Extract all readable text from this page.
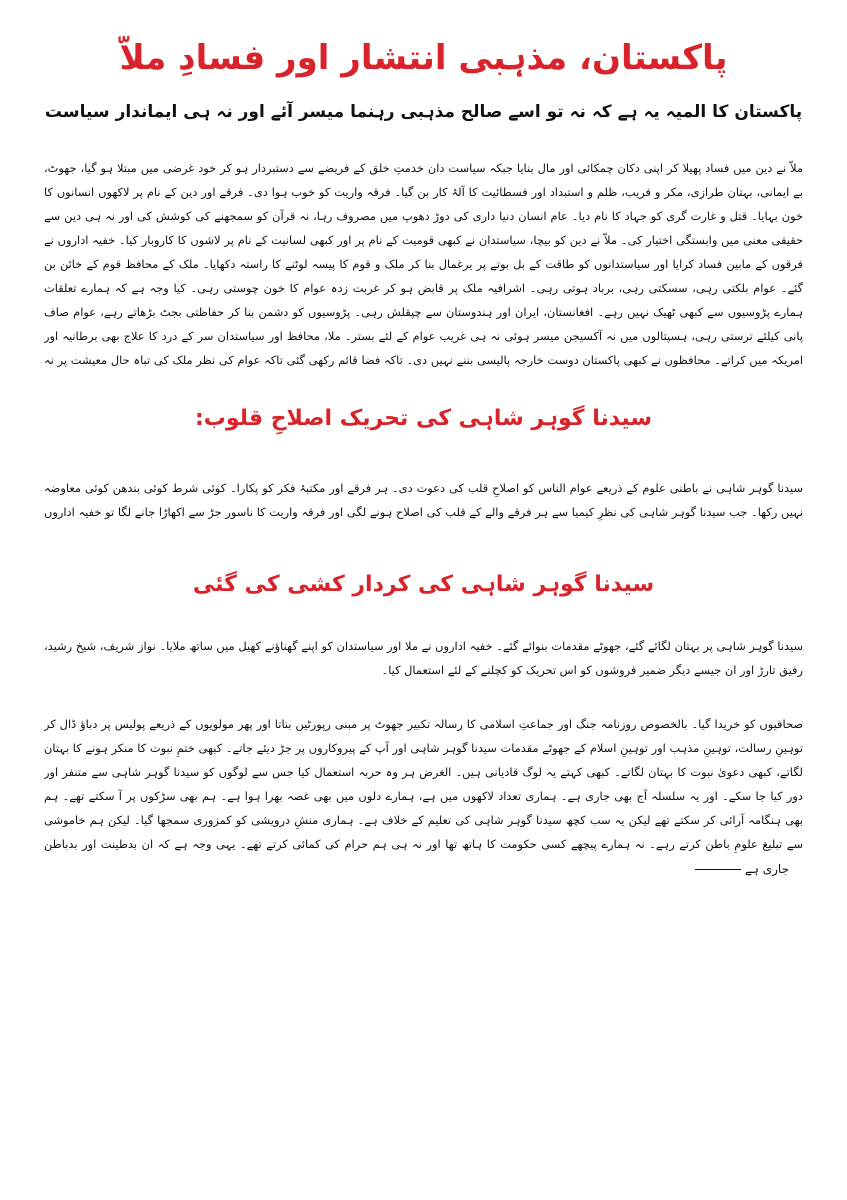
پاکستان، مذہبی انتشار اور فسادِ ملاّ

پاکستان کا المیہ یہ ہے کہ نہ تو اسے صالح مذہبی رہنما میسر آئے اور نہ ہی ایماندار سیاست

ملاّ نے دین میں فساد پھیلا کر اپنی دکان چمکائی اور مال بنایا جبکہ سیاست دان خدمتِ خلق کے فریضے سے دستبردار ہو کر خود غرضی میں مبتلا ہو گیا، جھوٹ، بے ایمانی، بہتان طرازی، مکر و فریب، ظلم و استبداد اور فسطائیت کا آلۂ کار بن گیا۔ فرقہ واریت کو خوب ہوا دی۔ فرقے اور دین کے نام پر لاکھوں انسانوں کا خون بہایا۔ قتل و غارت گری کو جہاد کا نام دیا۔ عام انسان دنیا داری کی دوڑ دھوپ میں مصروف رہا، نہ قرآن کو سمجھنے کی کوشش کی اور نہ ہی دین سے حقیقی معنی میں وابستگی اختیار کی۔ ملاّ نے دین کو بیچا، سیاستدان نے کبھی قومیت کے نام پر اور کبھی لسانیت کے نام پر لاشوں کا کاروبار کیا۔ خفیہ اداروں نے فرقوں کے مابین فساد کرایا اور سیاستدانوں کو طاقت کے بل بوتے پر یرغمال بنا کر ملک و قوم کا پیسہ لوٹنے کا راستہ دکھایا۔ ملک کے محافظ قوم کے خائن بن گئے۔ عوام بلکتی رہی، سسکتی رہی، برباد ہوتی رہی۔ اشرافیہ ملک پر قابض ہو کر غربت زدہ عوام کا خون چوستی رہی۔ کیا وجہ ہے کہ ہمارے تعلقات ہمارے پڑوسیوں سے کبھی ٹھیک نہیں رہے۔ افغانستان، ایران اور ہندوستان سے چپقلش رہی۔ پڑوسیوں کو دشمن بنا کر حفاظتی بجٹ بڑھاتے رہے، عوام صاف پانی کیلئے ترستی رہی، ہسپتالوں میں نہ آکسیجن میسر ہوئی نہ ہی غریب عوام کے لئے بستر۔ ملا، محافظ اور سیاستدان سر کے درد کا علاج بھی برطانیہ اور امریکہ میں کراتے۔ محافظوں نے کبھی پاکستان دوست خارجہ پالیسی بننے نہیں دی۔ تاکہ فضا قائم رکھی گئی تاکہ عوام کی نظر ملک کی تباہ حال معیشت پر نہ

سیدنا گوہر شاہی کی تحریک اصلاحِ قلوب:

سیدنا گوہر شاہی نے باطنی علوم کے ذریعے عوام الناس کو اصلاحِ قلب کی دعوت دی۔ ہر فرقے اور مکتبۂ فکر کو پکارا۔ کوئی شرط کوئی بندھن کوئی معاوضہ نہیں رکھا۔ جب سیدنا گوہر شاہی کی نظرِ کیمیا سے ہر فرقے والے کے قلب کی اصلاح ہونے لگی اور فرقہ واریت کا ناسور جڑ سے اکھاڑا جانے لگا تو خفیہ اداروں

سیدنا گوہر شاہی کی کردار کشی کی گئی

سیدنا گوہر شاہی پر بہتان لگائے گئے، جھوٹے مقدمات بنوائے گئے۔ خفیہ اداروں نے ملا اور سیاستدان کو اپنے گھناؤنے کھیل میں ساتھ ملایا۔ نواز شریف، شیخ رشید، رفیق تارڑ اور ان جیسے دیگر ضمیر فروشوں کو اس تحریک کو کچلنے کے لئے استعمال کیا۔

صحافیوں کو خریدا گیا۔ بالخصوص روزنامہ جنگ اور جماعتِ اسلامی کا رسالہ تکبیر جھوٹ پر مبنی رپورٹیں بناتا اور پھر مولویوں کے ذریعے پولیس پر دباؤ ڈال کر توہینِ رسالت، توہینِ مذہب اور توہینِ اسلام کے جھوٹے مقدمات سیدنا گوہر شاہی اور آپ کے پیروکاروں پر جڑ دیئے جاتے۔ کبھی ختمِ نبوت کا منکر ہونے کا بہتان لگاتے، کبھی دعویٰ نبوت کا بہتان لگاتے۔ کبھی کہتے یہ لوگ قادیانی ہیں۔ الغرض ہر وہ حربہ استعمال کیا جس سے لوگوں کو سیدنا گوہر شاہی سے متنفر اور دور کیا جا سکے۔ اور یہ سلسلہ آج بھی جاری ہے۔ ہماری تعداد لاکھوں میں ہے، ہمارے دلوں میں بھی غصہ بھرا ہوا ہے۔ ہم بھی سڑکوں پر آ سکتے تھے۔ ہم بھی ہنگامہ آرائی کر سکتے تھے لیکن یہ سب کچھ سیدنا گوہر شاہی کی تعلیم کے خلاف ہے۔ ہماری منشِ درویشی کو کمزوری سمجھا گیا۔ لیکن ہم خاموشی سے تبلیغ علومِ باطن کرتے رہے۔ نہ ہمارے پیچھے کسی حکومت کا ہاتھ تھا اور نہ ہی ہم حرام کی کمائی کرتے تھے۔ یہی وجہ ہے کہ ان بدطینت اور بدباطن

جاری ہے
